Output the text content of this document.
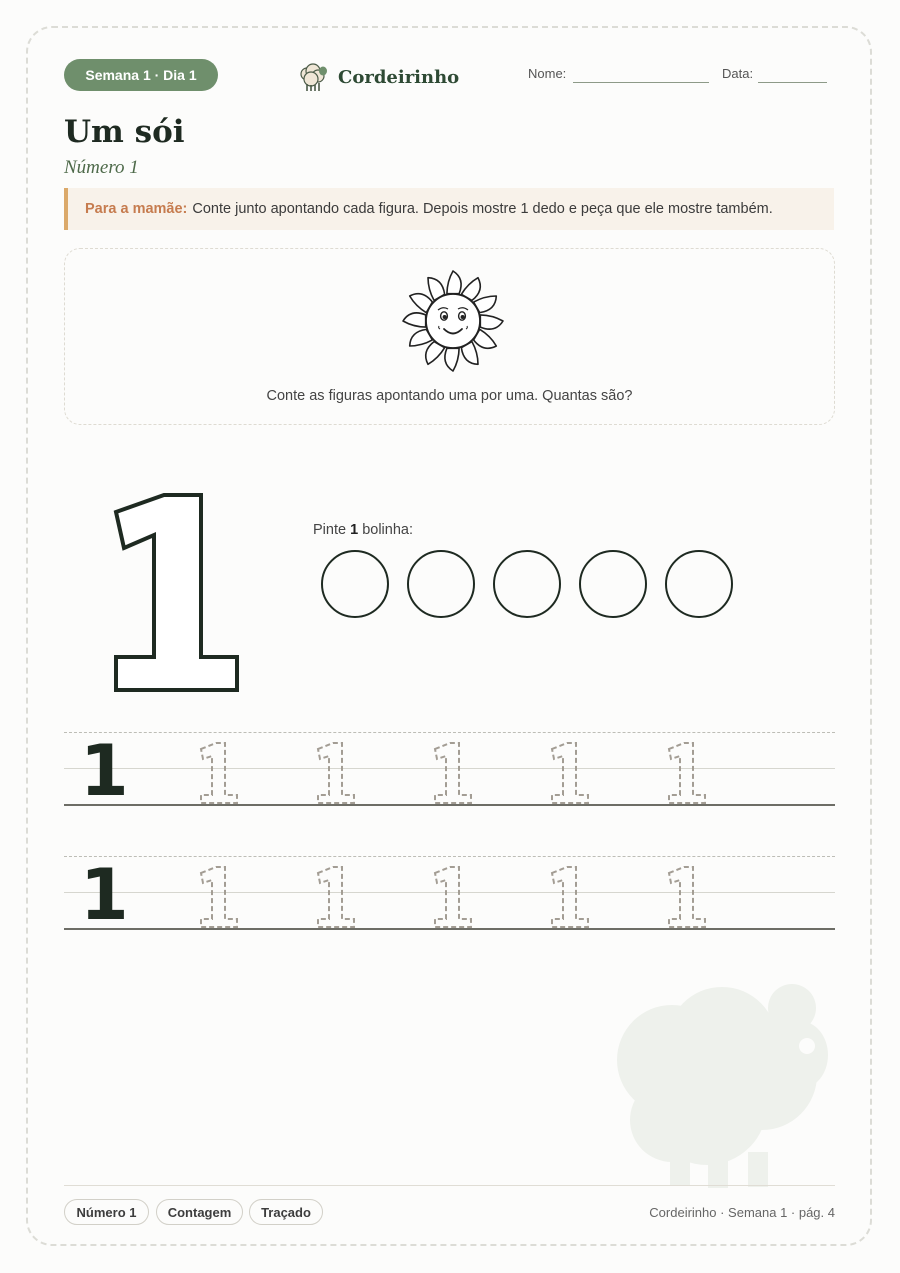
Semana 1 · Dia 1	Cordeirinho	Nome:	Data:
Um sói
Número 1
Para a mamãe: Conte junto apontando cada figura. Depois mostre 1 dedo e peça que ele mostre também.
Conte as figuras apontando uma por uma. Quantas são?
Pinte 1 bolinha:
1
1
Número 1	Contagem	Traçado	Cordeirinho · Semana 1 · pág. 4
